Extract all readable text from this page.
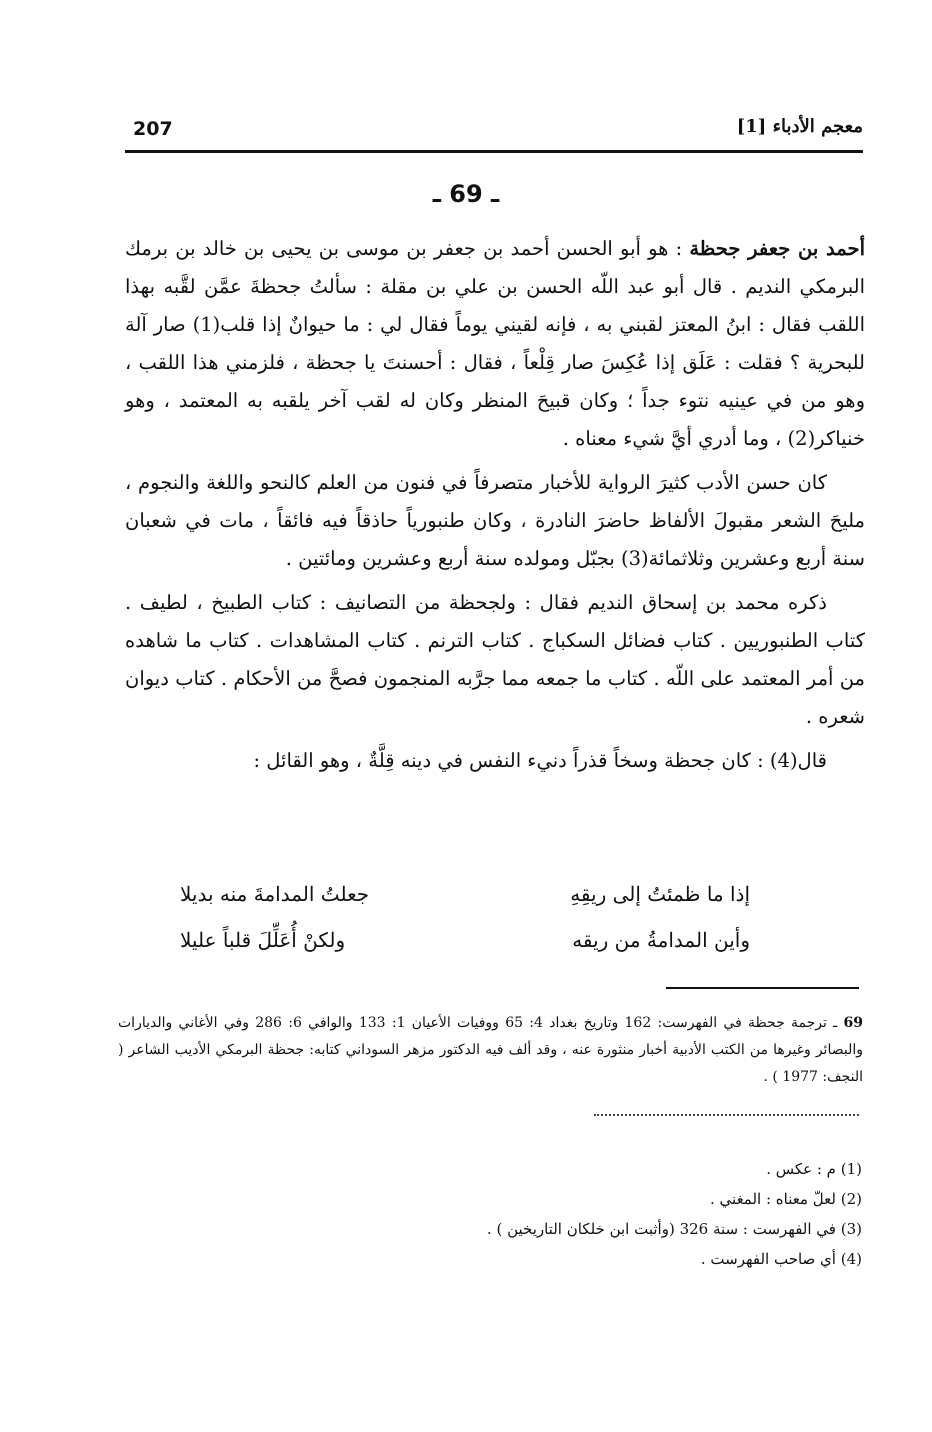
207	معجم الأدباء [1]
ـ 69 ـ

أحمد بن جعفر جحظة : هو أبو الحسن أحمد بن جعفر بن موسى بن يحيى بن خالد بن برمك البرمكي النديم . قال أبو عبد اللّه الحسن بن علي بن مقلة : سألتُ جحظةَ عمَّن لقَّبه بهذا اللقب فقال : ابنُ المعتز لقبني به ، فإنه لقيني يوماً فقال لي : ما حيوانٌ إذا قلب(1) صار آلة للبحرية ؟ فقلت : عَلَق إذا عُكِسَ صار قِلْعاً ، فقال : أحسنتَ يا جحظة ، فلزمني هذا اللقب ، وهو من في عينيه نتوء جداً ؛ وكان قبيحَ المنظر وكان له لقب آخر يلقبه به المعتمد ، وهو خنياكر(2) ، وما أدري أيَّ شيء معناه .

كان حسن الأدب كثيرَ الرواية للأخبار متصرفاً في فنون من العلم كالنحو واللغة والنجوم ، مليحَ الشعر مقبولَ الألفاظ حاضرَ النادرة ، وكان طنبورياً حاذقاً فيه فائقاً ، مات في شعبان سنة أربع وعشرين وثلاثمائة(3) بجبّل ومولده سنة أربع وعشرين ومائتين .

ذكره محمد بن إسحاق النديم فقال : ولجحظة من التصانيف : كتاب الطبيخ ، لطيف . كتاب الطنبوريين . كتاب فضائل السكباج . كتاب الترنم . كتاب المشاهدات . كتاب ما شاهده من أمر المعتمد على اللّه . كتاب ما جمعه مما جرَّبه المنجمون فصحَّ من الأحكام . كتاب ديوان شعره .

قال(4) : كان جحظة وسخاً قذراً دنيء النفس في دينه قِلَّةٌ ، وهو القائل :

إذا ما ظمئتُ إلى ريقِهِ
جعلتُ المدامةَ منه بديلا
وأين المدامةُ من ريقه
ولكنْ أُعَلِّلَ قلباً عليلا
69 ـ ترجمة جحظة في الفهرست: 162 وتاريخ بغداد 4: 65 ووفيات الأعيان 1: 133 والوافي 6: 286 وفي الأغاني والديارات والبصائر وغيرها من الكتب الأدبية أخبار منثورة عنه ، وقد ألف فيه الدكتور مزهر السوداني كتابه: جحظة البرمكي الأديب الشاعر ( النجف: 1977 ) .
(1) م : عكس .
(2) لعلّ معناه : المغني .
(3) في الفهرست : سنة 326 (وأثبت ابن خلكان التاريخين ) .
(4) أي صاحب الفهرست .
